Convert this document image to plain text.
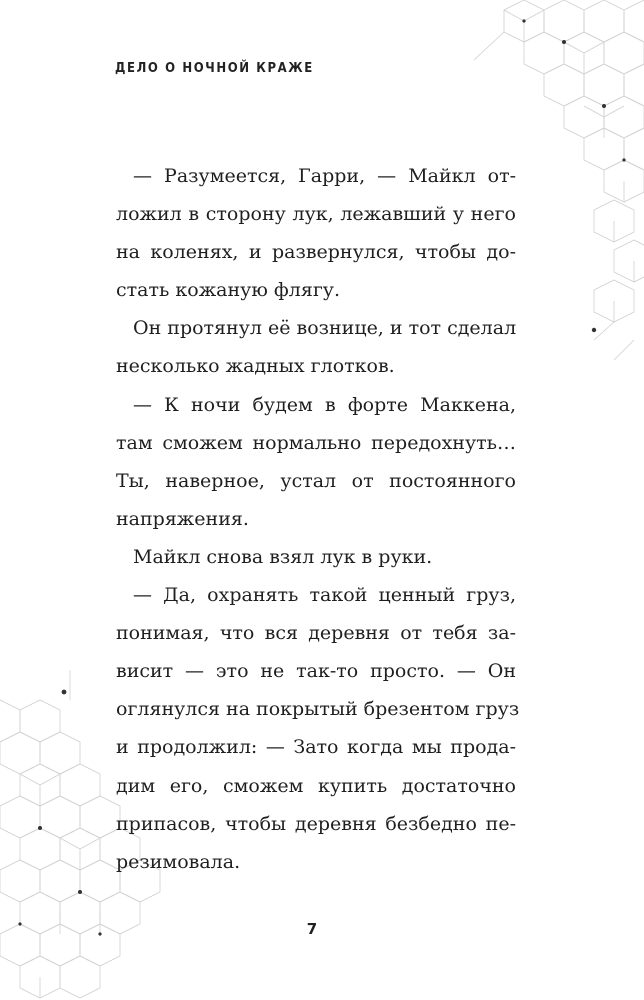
ДЕЛО О НОЧНОЙ КРАЖЕ
— Разумеется, Гарри, — Майкл от-
ложил в сторону лук, лежавший у него
на коленях, и развернулся, чтобы до-
стать кожаную флягу.
Он протянул её вознице, и тот сделал
несколько жадных глотков.
— К ночи будем в форте Маккена,
там сможем нормально передохнуть…
Ты, наверное, устал от постоянного
напряжения.
Майкл снова взял лук в руки.
— Да, охранять такой ценный груз,
понимая, что вся деревня от тебя за-
висит — это не так-то просто. — Он
оглянулся на покрытый брезентом груз
и продолжил: — Зато когда мы прода-
дим его, сможем купить достаточно
припасов, чтобы деревня безбедно пе-
резимовала.
7
